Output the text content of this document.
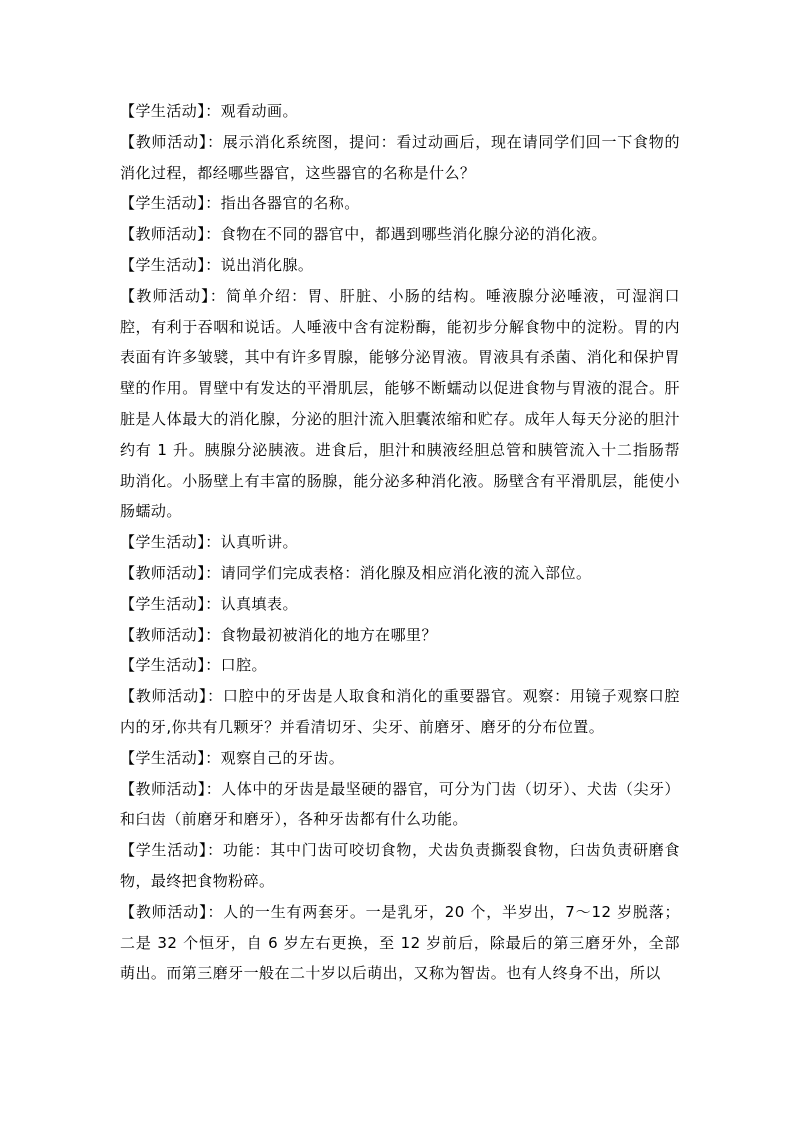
【学生活动】：观看动画。

【教师活动】：展示消化系统图，提问：看过动画后，现在请同学们回一下食物的消化过程，都经哪些器官，这些器官的名称是什么？

【学生活动】：指出各器官的名称。

【教师活动】：食物在不同的器官中，都遇到哪些消化腺分泌的消化液。

【学生活动】：说出消化腺。

【教师活动】：简单介绍：胃、肝脏、小肠的结构。唾液腺分泌唾液，可湿润口腔，有利于吞咽和说话。人唾液中含有淀粉酶，能初步分解食物中的淀粉。胃的内表面有许多皱襞，其中有许多胃腺，能够分泌胃液。胃液具有杀菌、消化和保护胃壁的作用。胃壁中有发达的平滑肌层，能够不断蠕动以促进食物与胃液的混合。肝脏是人体最大的消化腺，分泌的胆汁流入胆囊浓缩和贮存。成年人每天分泌的胆汁约有 1 升。胰腺分泌胰液。进食后，胆汁和胰液经胆总管和胰管流入十二指肠帮助消化。小肠壁上有丰富的肠腺，能分泌多种消化液。肠壁含有平滑肌层，能使小肠蠕动。

【学生活动】：认真听讲。

【教师活动】：请同学们完成表格：消化腺及相应消化液的流入部位。

【学生活动】：认真填表。

【教师活动】：食物最初被消化的地方在哪里？

【学生活动】：口腔。

【教师活动】：口腔中的牙齿是人取食和消化的重要器官。观察：用镜子观察口腔内的牙,你共有几颗牙？并看清切牙、尖牙、前磨牙、磨牙的分布位置。

【学生活动】：观察自己的牙齿。

【教师活动】：人体中的牙齿是最坚硬的器官，可分为门齿（切牙）、犬齿（尖牙）和臼齿（前磨牙和磨牙），各种牙齿都有什么功能。

【学生活动】：功能：其中门齿可咬切食物，犬齿负责撕裂食物，臼齿负责研磨食物，最终把食物粉碎。

【教师活动】：人的一生有两套牙。一是乳牙，20 个，半岁出，7～12 岁脱落；二是 32 个恒牙，自 6 岁左右更换，至 12 岁前后，除最后的第三磨牙外，全部萌出。而第三磨牙一般在二十岁以后萌出，又称为智齿。也有人终身不出，所以
